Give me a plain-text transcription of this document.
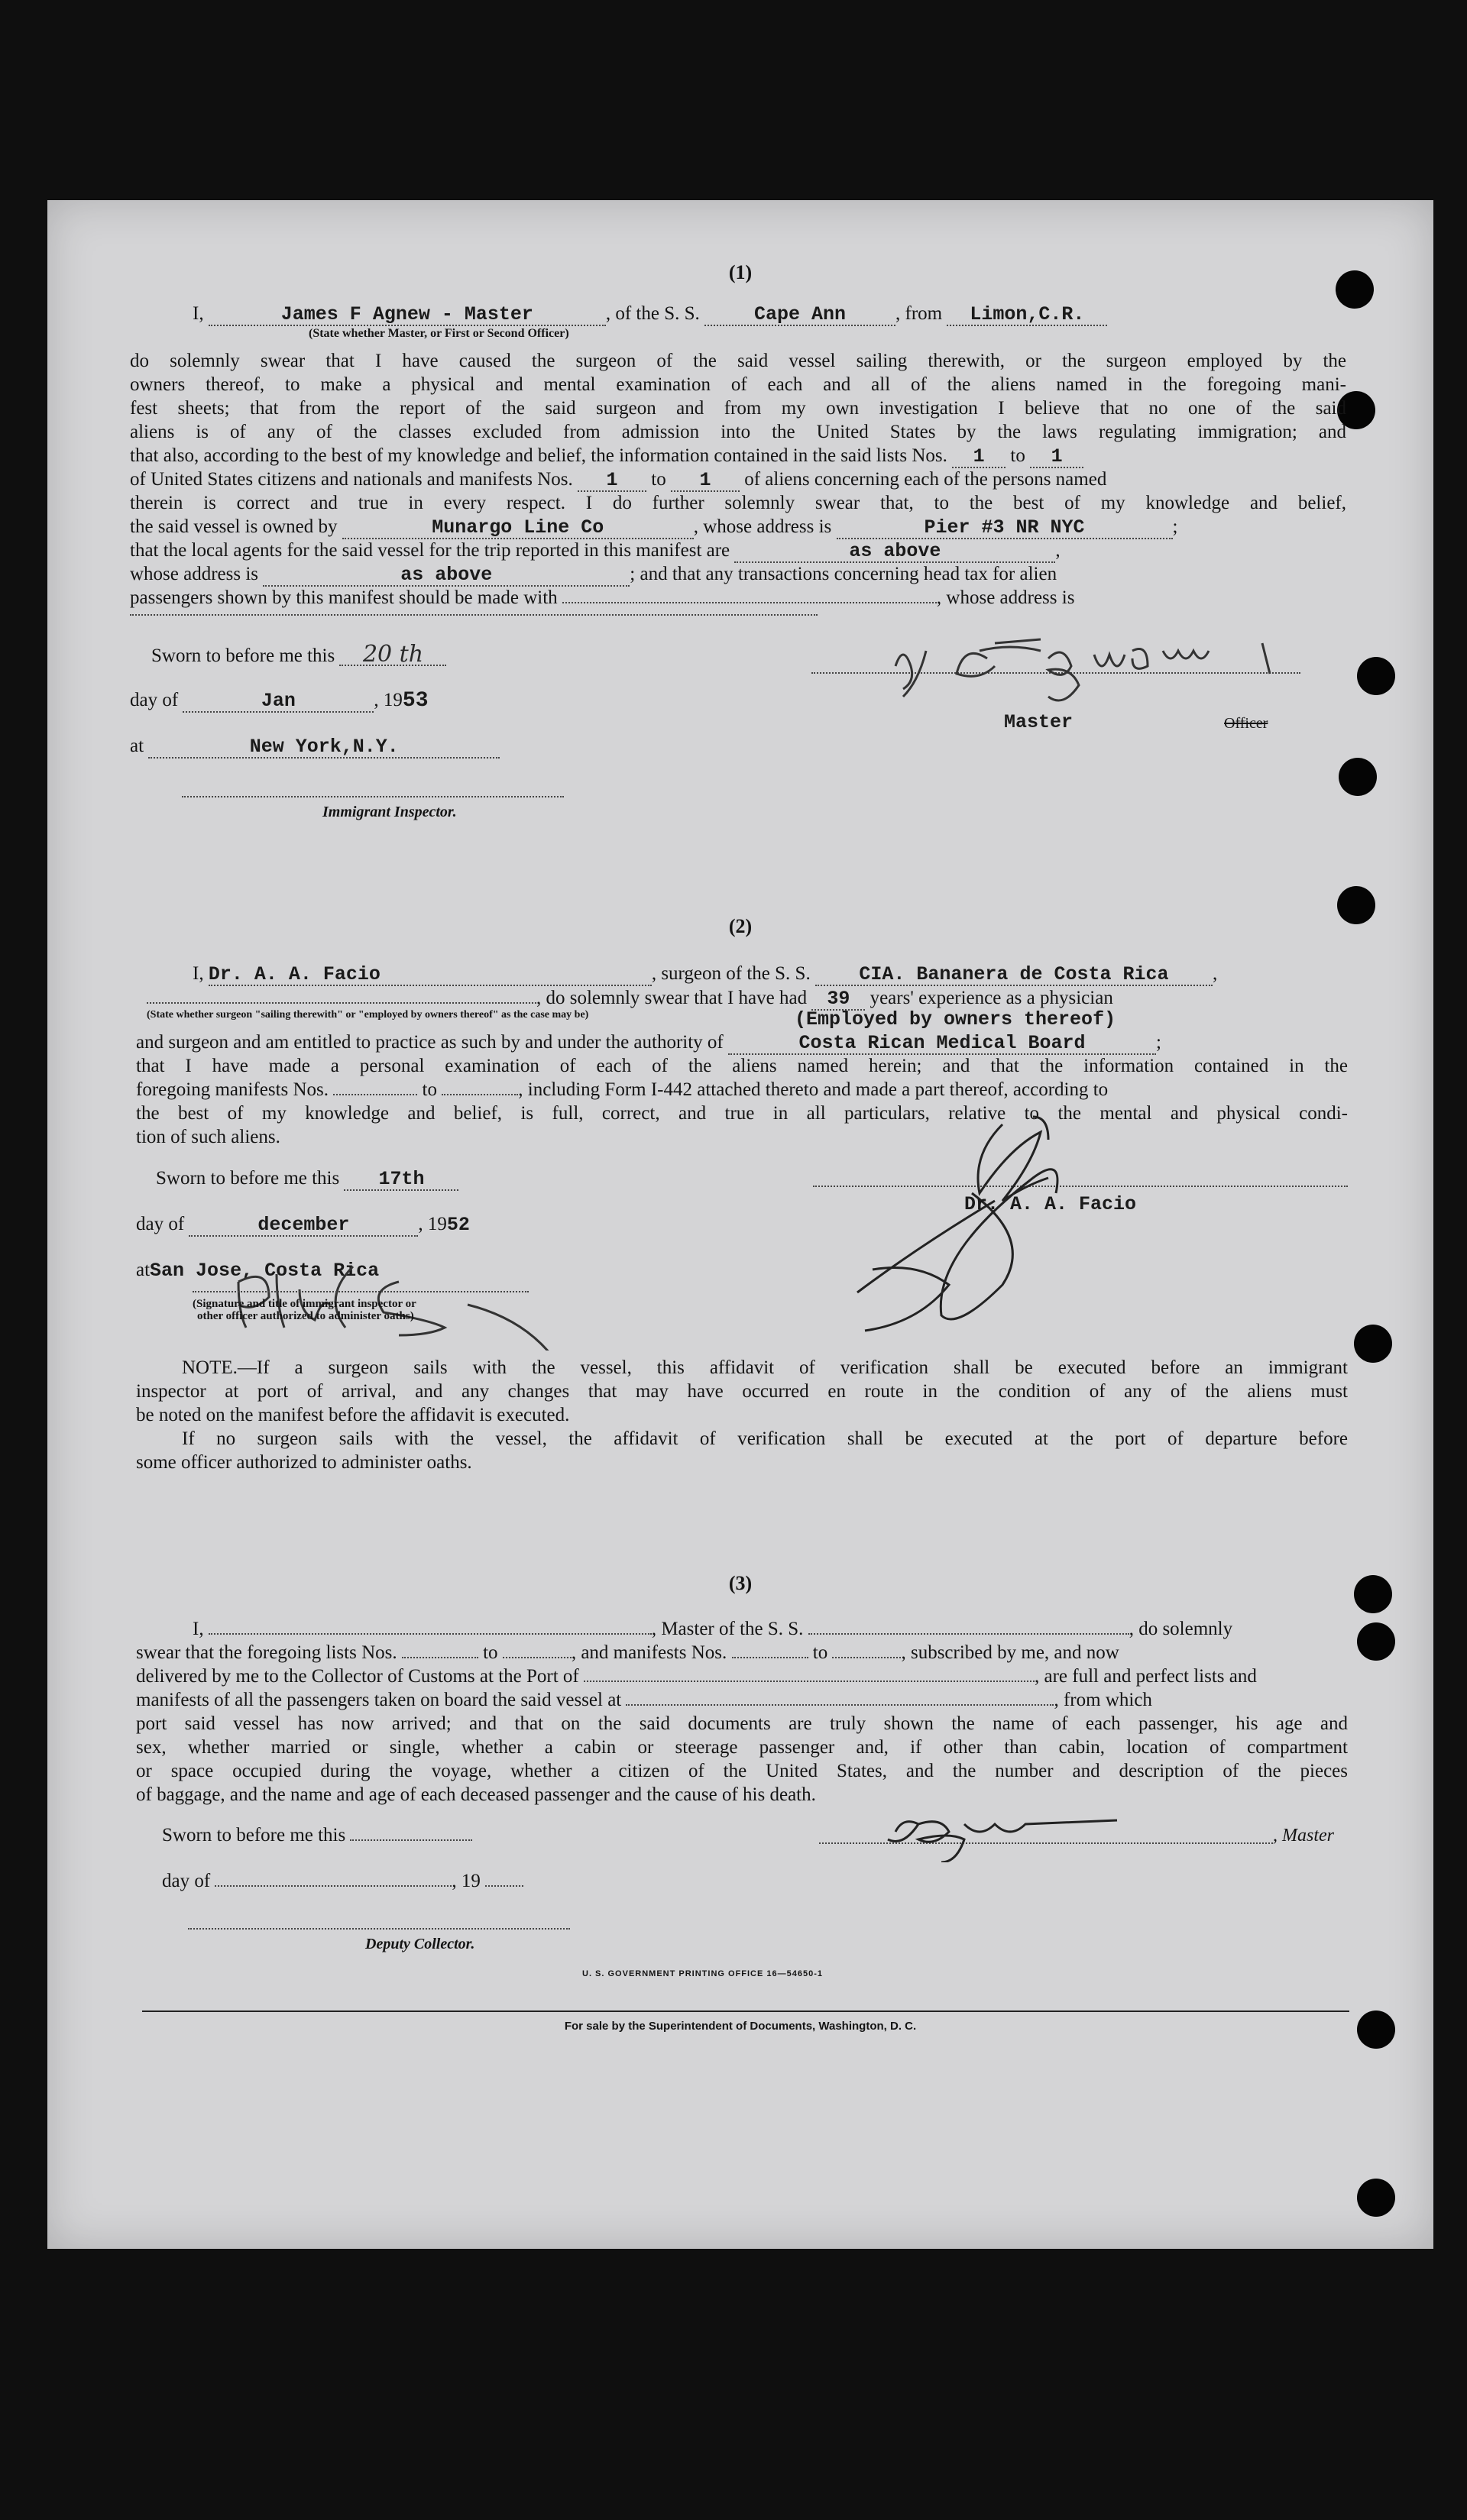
(1)
I,	James F Agnew - Master	, of the S. S.	Cape Ann	, from Limon,C.R.
(State whether Master, or First or Second Officer)
do solemnly swear that I have caused the surgeon of the said vessel sailing therewith, or the surgeon employed by the
owners thereof, to make a physical and mental examination of each and all of the aliens named in the foregoing mani-
fest sheets; that from the report of the said surgeon and from my own investigation I believe that no one of the said
aliens is of any of the classes excluded from admission into the United States by the laws regulating immigration; and
that also, according to the best of my knowledge and belief, the information contained in the said lists Nos. 1 to 1
of United States citizens and nationals and manifests Nos. 1 to 1 of aliens concerning each of the persons named
therein is correct and true in every respect. I do further solemnly swear that, to the best of my knowledge and belief,
the said vessel is owned by	Munargo Line Co	, whose address is	Pier #3 NR NYC	;
that the local agents for the said vessel for the trip reported in this manifest are	as above	,
whose address is	as above	; and that any transactions concerning head tax for alien
passengers shown by this manifest should be made with	, whose address is
Sworn to before me this 20 th
day of	Jan	, 1953
at	New York,N.Y.
Immigrant Inspector.
Master	Officer
(2)
I, Dr. A. A. Facio	, surgeon of the S. S.	CIA. Bananera de Costa Rica ,
, do solemnly swear that I have had 39 years' experience as a physician
(State whether surgeon "sailing therewith" or "employed by owners thereof" as the case may be)	(Employed by owners thereof)
and surgeon and am entitled to practice as such by and under the authority of	Costa Rican Medical Board	;
that I have made a personal examination of each of the aliens named herein; and that the information contained in the
foregoing manifests Nos.	to	, including Form I-442 attached thereto and made a part thereof, according to
the best of my knowledge and belief, is full, correct, and true in all particulars, relative to the mental and physical condi-
tion of such aliens.
Sworn to before me this 17th
day of	december	, 1952
atSan Jose, Costa Rica
(Signature and title of immigrant inspector or
other officer authorized to administer oaths)
Dr. A. A. Facio
NOTE.—If a surgeon sails with the vessel, this affidavit of verification shall be executed before an immigrant
inspector at port of arrival, and any changes that may have occurred en route in the condition of any of the aliens must
be noted on the manifest before the affidavit is executed.
If no surgeon sails with the vessel, the affidavit of verification shall be executed at the port of departure before
some officer authorized to administer oaths.
(3)
I,	, Master of the S. S.	, do solemnly
swear that the foregoing lists Nos.	to	, and manifests Nos.	to	, subscribed by me, and now
delivered by me to the Collector of Customs at the Port of	, are full and perfect lists and
manifests of all the passengers taken on board the said vessel at	, from which
port said vessel has now arrived; and that on the said documents are truly shown the name of each passenger, his age and
sex, whether married or single, whether a cabin or steerage passenger and, if other than cabin, location of compartment
or space occupied during the voyage, whether a citizen of the United States, and the number and description of the pieces
of baggage, and the name and age of each deceased passenger and the cause of his death.
Sworn to before me this	, Master
day of	, 19
Deputy Collector.
U. S. GOVERNMENT PRINTING OFFICE 16—54650-1
For sale by the Superintendent of Documents, Washington, D. C.
